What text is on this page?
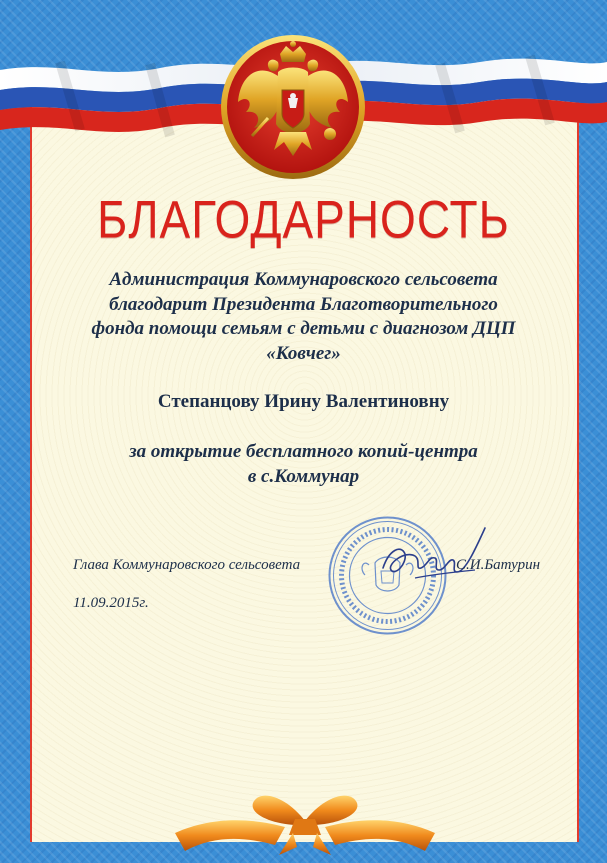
БЛАГОДАРНОСТЬ
Администрация Коммунаровского сельсовета
благодарит Президента Благотворительного
фонда помощи семьям с детьми с диагнозом ДЦП
«Ковчег»
Степанцову Ирину Валентиновну
за открытие бесплатного копий-центра
в с.Коммунар
Глава Коммунаровского сельсовета	С.И.Батурин
11.09.2015г.
